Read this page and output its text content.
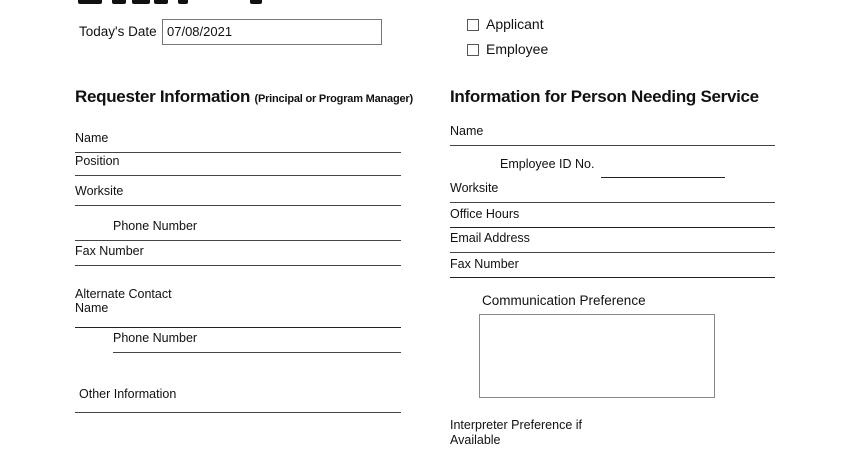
Today's Date 07/08/2021	Applicant
Employee
Requester Information (Principal or Program Manager) Information for Person Needing Service
Name
Position
Worksite
Phone Number
Fax Number
Alternate Contact
Name
Phone Number
Other Information
Name
Employee ID No.
Worksite
Office Hours
Email Address
Fax Number
Communication Preference
Interpreter Preference if
Available
